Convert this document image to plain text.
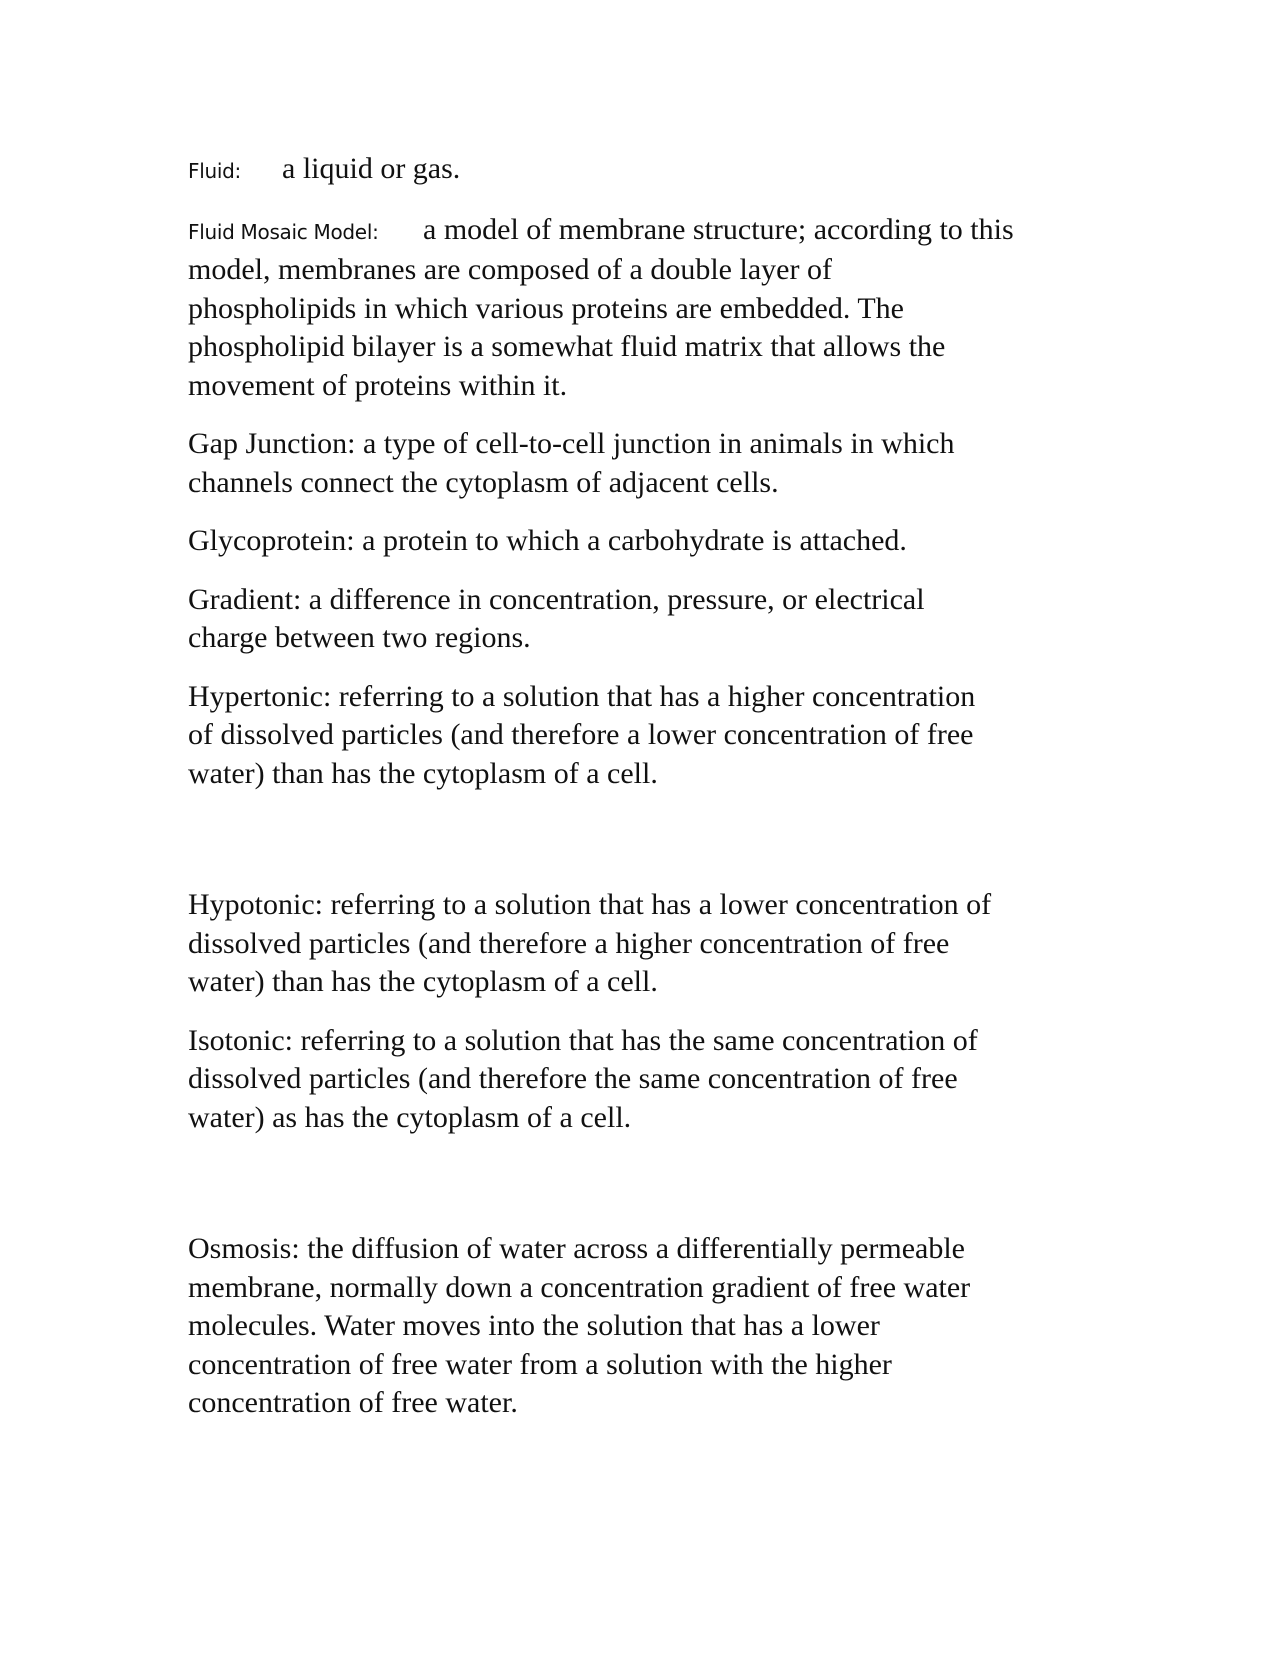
Fluid: a liquid or gas.
Fluid Mosaic Model: a model of membrane structure; according to this
model, membranes are composed of a double layer of
phospholipids in which various proteins are embedded. The
phospholipid bilayer is a somewhat fluid matrix that allows the
movement of proteins within it.
Gap Junction: a type of cell-to-cell junction in animals in which
channels connect the cytoplasm of adjacent cells.
Glycoprotein: a protein to which a carbohydrate is attached.
Gradient: a difference in concentration, pressure, or electrical
charge between two regions.
Hypertonic: referring to a solution that has a higher concentration
of dissolved particles (and therefore a lower concentration of free
water) than has the cytoplasm of a cell.
Hypotonic: referring to a solution that has a lower concentration of
dissolved particles (and therefore a higher concentration of free
water) than has the cytoplasm of a cell.
Isotonic: referring to a solution that has the same concentration of
dissolved particles (and therefore the same concentration of free
water) as has the cytoplasm of a cell.
Osmosis: the diffusion of water across a differentially permeable
membrane, normally down a concentration gradient of free water
molecules. Water moves into the solution that has a lower
concentration of free water from a solution with the higher
concentration of free water.
